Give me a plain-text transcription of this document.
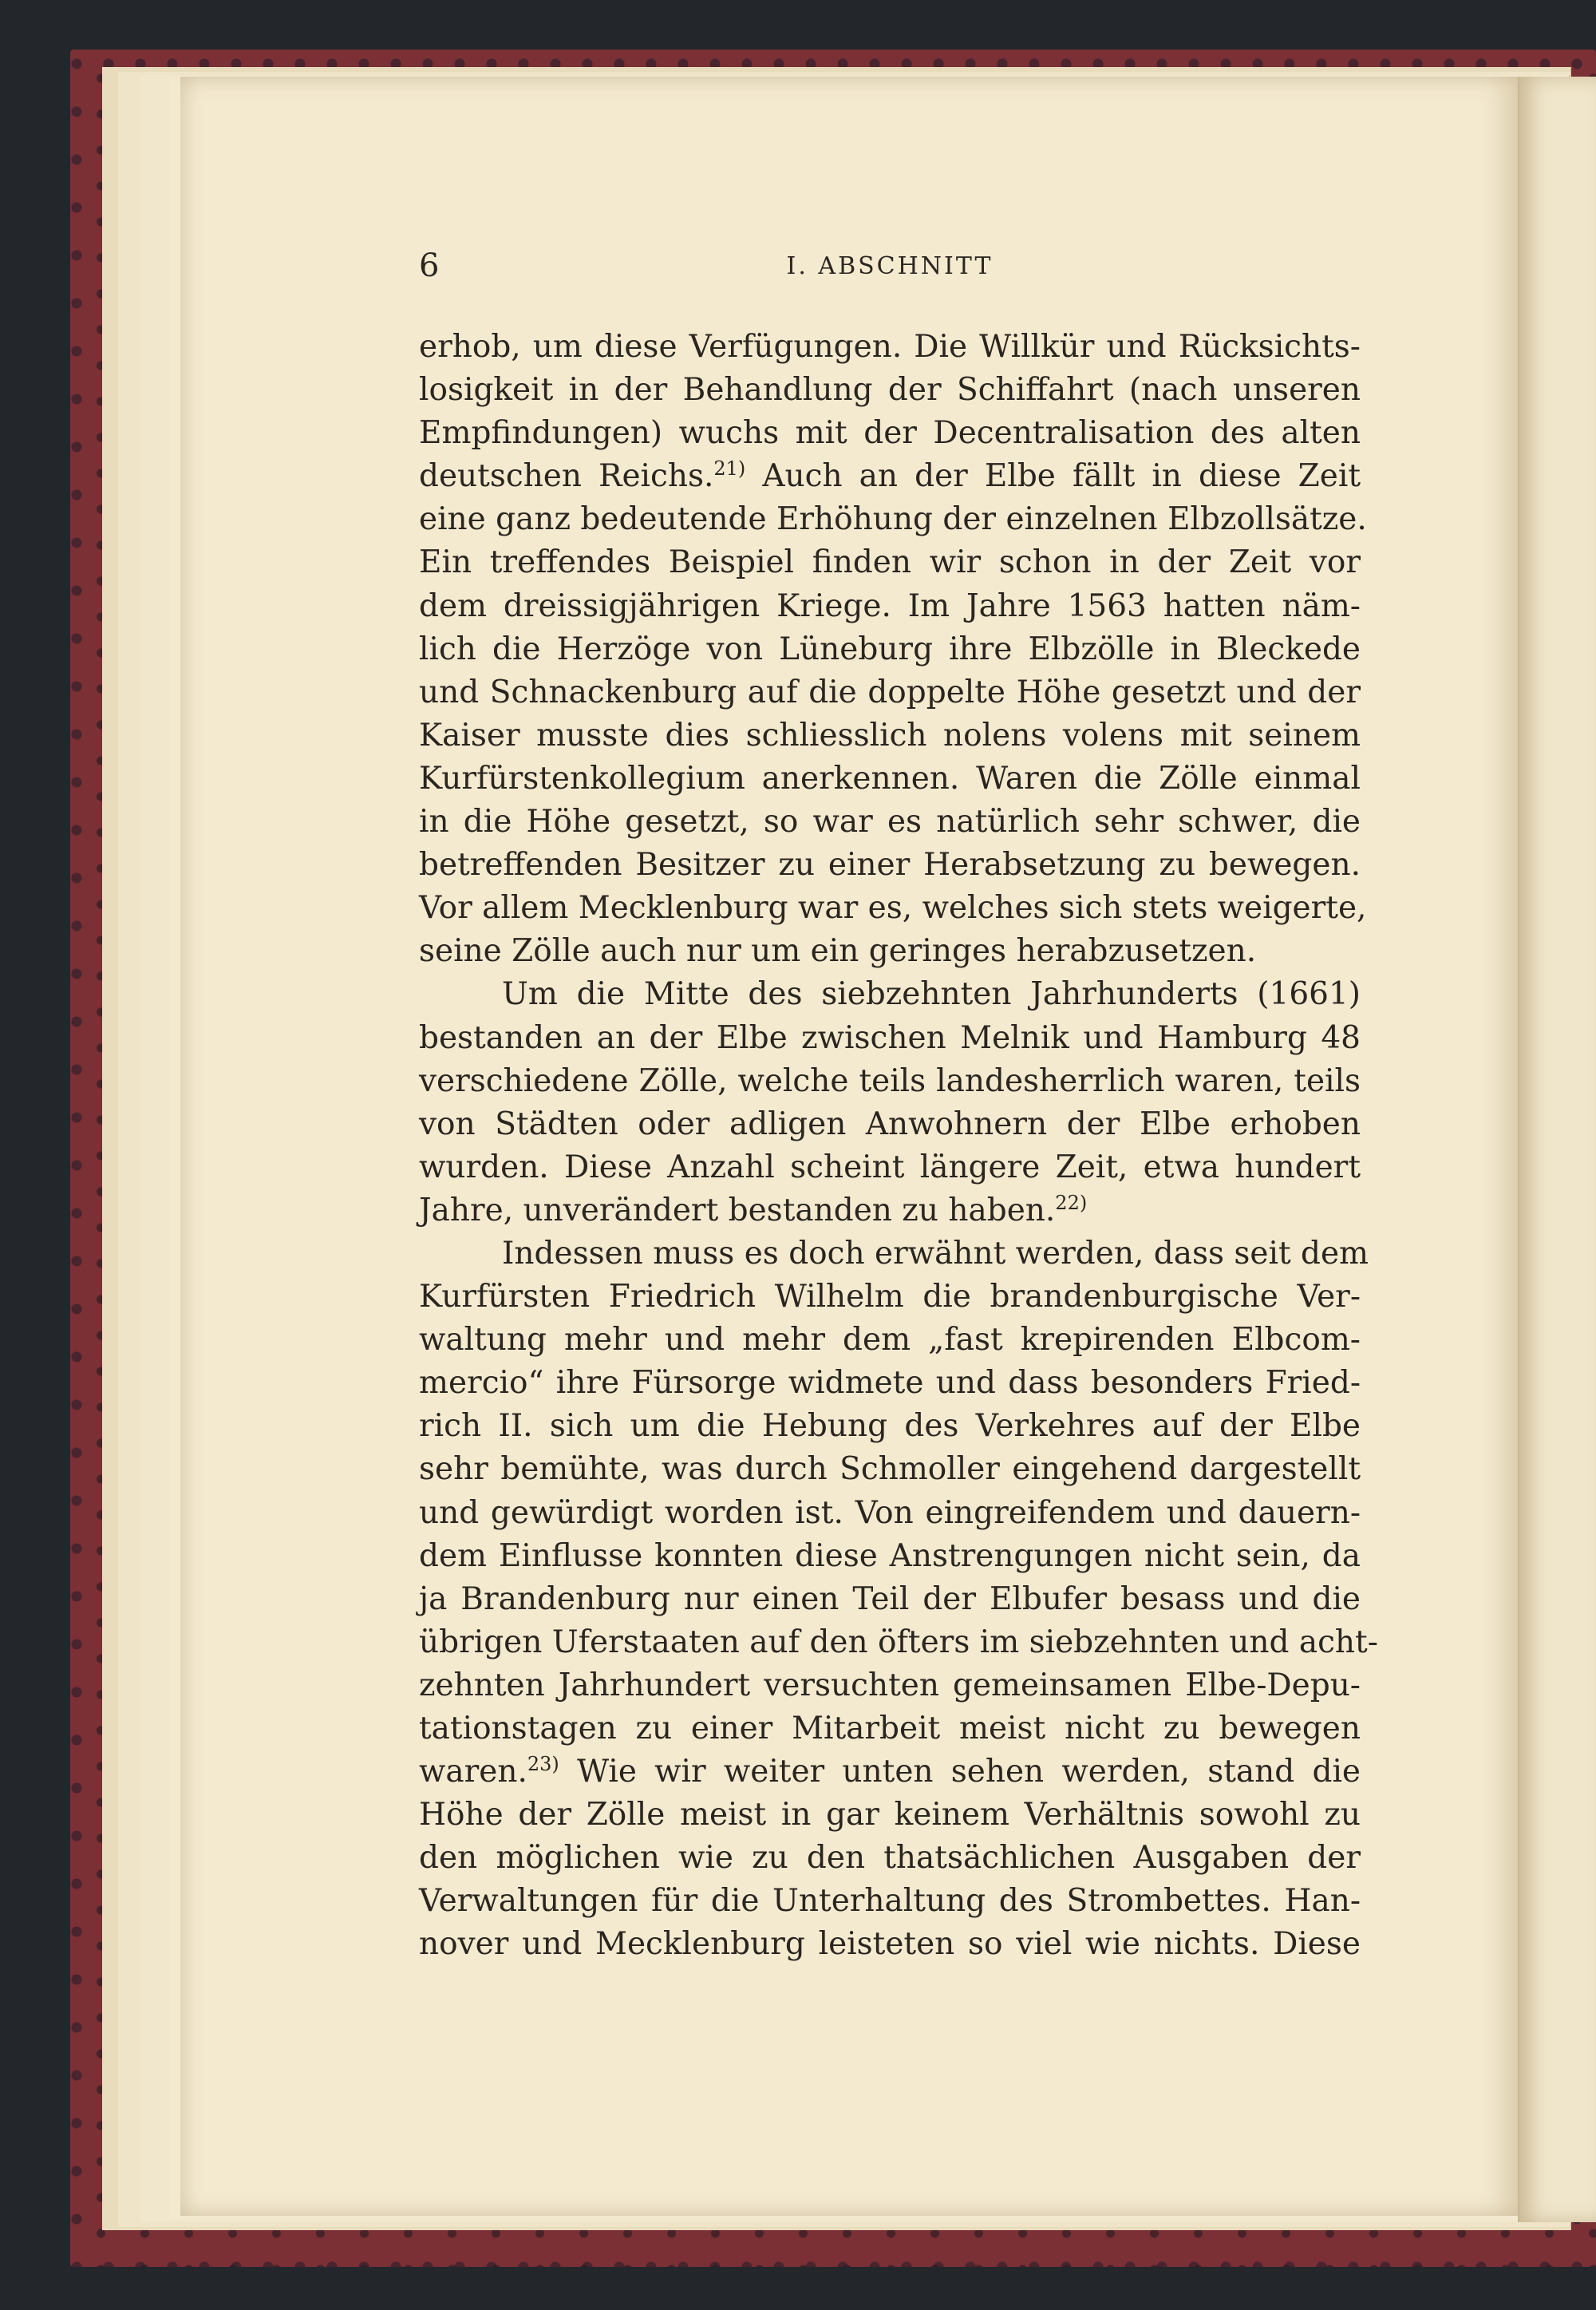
6	I. ABSCHNITT
erhob, um diese Verfügungen. Die Willkür und Rücksichts-
losigkeit in der Behandlung der Schiffahrt (nach unseren
Empfindungen) wuchs mit der Decentralisation des alten
deutschen Reichs.$^{21)}$ Auch an der Elbe fällt in diese Zeit
eine ganz bedeutende Erhöhung der einzelnen Elbzollsätze.
Ein treffendes Beispiel finden wir schon in der Zeit vor
dem dreissigjährigen Kriege. Im Jahre 1563 hatten näm-
lich die Herzöge von Lüneburg ihre Elbzölle in Bleckede
und Schnackenburg auf die doppelte Höhe gesetzt und der
Kaiser musste dies schliesslich nolens volens mit seinem
Kurfürstenkollegium anerkennen. Waren die Zölle einmal
in die Höhe gesetzt, so war es natürlich sehr schwer, die
betreffenden Besitzer zu einer Herabsetzung zu bewegen.
Vor allem Mecklenburg war es, welches sich stets weigerte,
seine Zölle auch nur um ein geringes herabzusetzen.
Um die Mitte des siebzehnten Jahrhunderts (1661)
bestanden an der Elbe zwischen Melnik und Hamburg 48
verschiedene Zölle, welche teils landesherrlich waren, teils
von Städten oder adligen Anwohnern der Elbe erhoben
wurden. Diese Anzahl scheint längere Zeit, etwa hundert
Jahre, unverändert bestanden zu haben.$^{22)}$
Indessen muss es doch erwähnt werden, dass seit dem
Kurfürsten Friedrich Wilhelm die brandenburgische Ver-
waltung mehr und mehr dem „fast krepirenden Elbcom-
mercio“ ihre Fürsorge widmete und dass besonders Fried-
rich II. sich um die Hebung des Verkehres auf der Elbe
sehr bemühte, was durch Schmoller eingehend dargestellt
und gewürdigt worden ist. Von eingreifendem und dauern-
dem Einflusse konnten diese Anstrengungen nicht sein, da
ja Brandenburg nur einen Teil der Elbufer besass und die
übrigen Uferstaaten auf den öfters im siebzehnten und acht-
zehnten Jahrhundert versuchten gemeinsamen Elbe-Depu-
tationstagen zu einer Mitarbeit meist nicht zu bewegen
waren.$^{23)}$ Wie wir weiter unten sehen werden, stand die
Höhe der Zölle meist in gar keinem Verhältnis sowohl zu
den möglichen wie zu den thatsächlichen Ausgaben der
Verwaltungen für die Unterhaltung des Strombettes. Han-
nover und Mecklenburg leisteten so viel wie nichts. Diese
